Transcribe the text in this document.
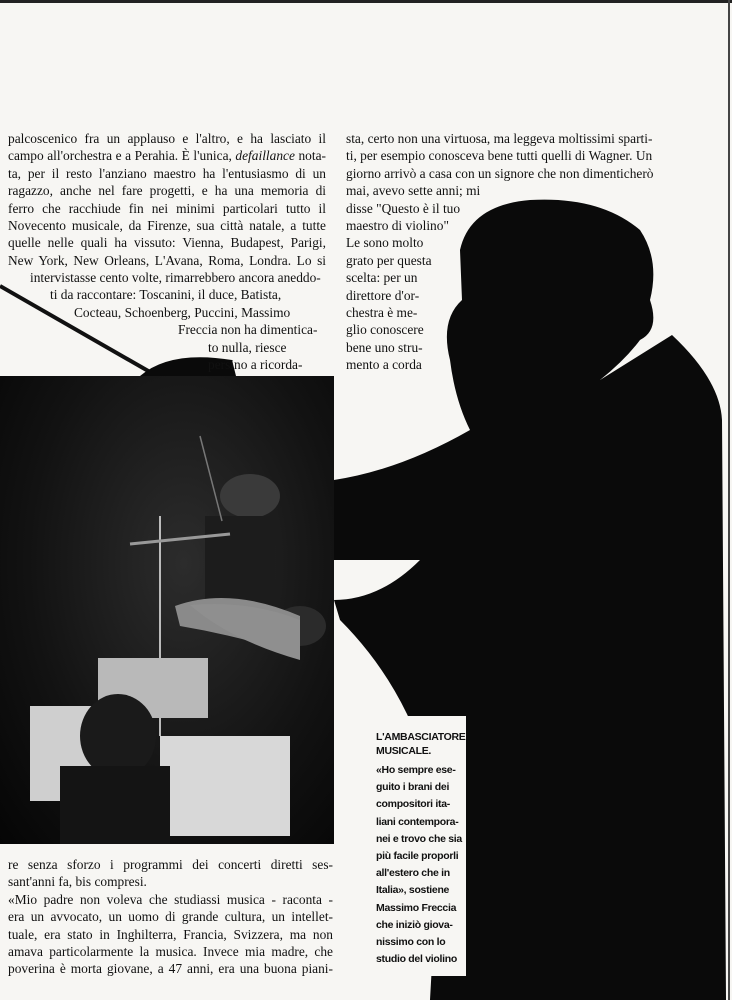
palcoscenico fra un applauso e l'altro, e ha lasciato il
campo all'orchestra e a Perahia. È l'unica, defaillance nota-
ta, per il resto l'anziano maestro ha l'entusiasmo di un
ragazzo, anche nel fare progetti, e ha una memoria di
ferro che racchiude fin nei minimi particolari tutto il
Novecento musicale, da Firenze, sua città natale, a tutte
quelle nelle quali ha vissuto: Vienna, Budapest, Parigi,
New York, New Orleans, L'Avana, Roma, Londra. Lo si
intervistasse cento volte, rimarrebbero ancora aneddo-
ti da raccontare: Toscanini, il duce, Batista,
Cocteau, Schoenberg, Puccini, Massimo
Freccia non ha dimentica-
to nulla, riesce
persino a ricorda-
sta, certo non una virtuosa, ma leggeva moltissimi sparti-
ti, per esempio conosceva bene tutti quelli di Wagner. Un
giorno arrivò a casa con un signore che non dimenticherò
mai, avevo sette anni; mi
disse "Questo è il tuo
maestro di violino"
Le sono molto
grato per questa
scelta: per un
direttore d'or-
chestra è me-
glio conoscere
bene uno stru-
mento a corda
re senza sforzo i programmi dei concerti diretti ses-
sant'anni fa, bis compresi.
«Mio padre non voleva che studiassi musica - raconta -
era un avvocato, un uomo di grande cultura, un intellet-
tuale, era stato in Inghilterra, Francia, Svizzera, ma non
amava particolarmente la musica. Invece mia madre, che
poverina è morta giovane, a 47 anni, era una buona piani-
L'AMBASCIATORE
MUSICALE.
«Ho sempre ese-
guito i brani dei
compositori ita-
liani contempora-
nei e trovo che sia
più facile proporli
all'estero che in
Italia», sostiene
Massimo Freccia
che iniziò giova-
nissimo con lo
studio del violino
